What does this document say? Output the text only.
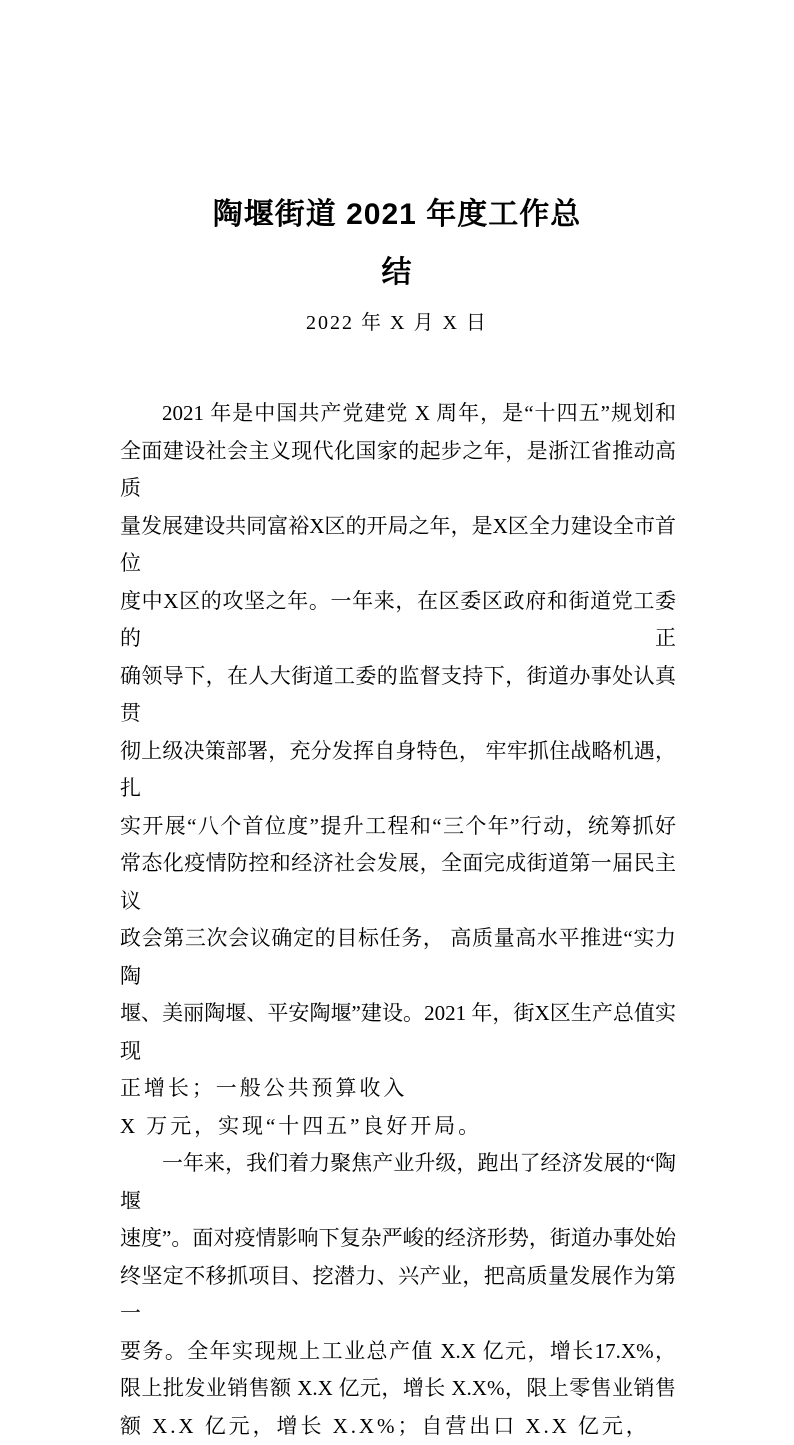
陶堰街道 2021 年度工作总
结
2022 年 X 月 X 日
2021 年是中国共产党建党 X 周年，是“十四五”规划和
全面建设社会主义现代化国家的起步之年，是浙江省推动高质
量发展建设共同富裕X区的开局之年，是X区全力建设全市首位
度中X区的攻坚之年。一年来，在区委区政府和街道党工委的正
确领导下，在人大街道工委的监督支持下，街道办事处认真贯
彻上级决策部署，充分发挥自身特色， 牢牢抓住战略机遇，扎
实开展“八个首位度”提升工程和“三个年”行动，统筹抓好
常态化疫情防控和经济社会发展，全面完成街道第一届民主议
政会第三次会议确定的目标任务， 高质量高水平推进“实力陶
堰、美丽陶堰、平安陶堰”建设。2021 年，街X区生产总值实现
正增长；一般公共预算收入
X 万元，实现“十四五”良好开局。
一年来，我们着力聚焦产业升级，跑出了经济发展的“陶堰
速度”。面对疫情影响下复杂严峻的经济形势，街道办事处始
终坚定不移抓项目、挖潜力、兴产业，把高质量发展作为第一
要务。全年实现规上工业总产值 X.X 亿元，增长17.X%，
限上批发业销售额 X.X 亿元，增长 X.X%，限上零售业销售
额 X.X 亿元，增长 X.X%；自营出口 X.X 亿元，
